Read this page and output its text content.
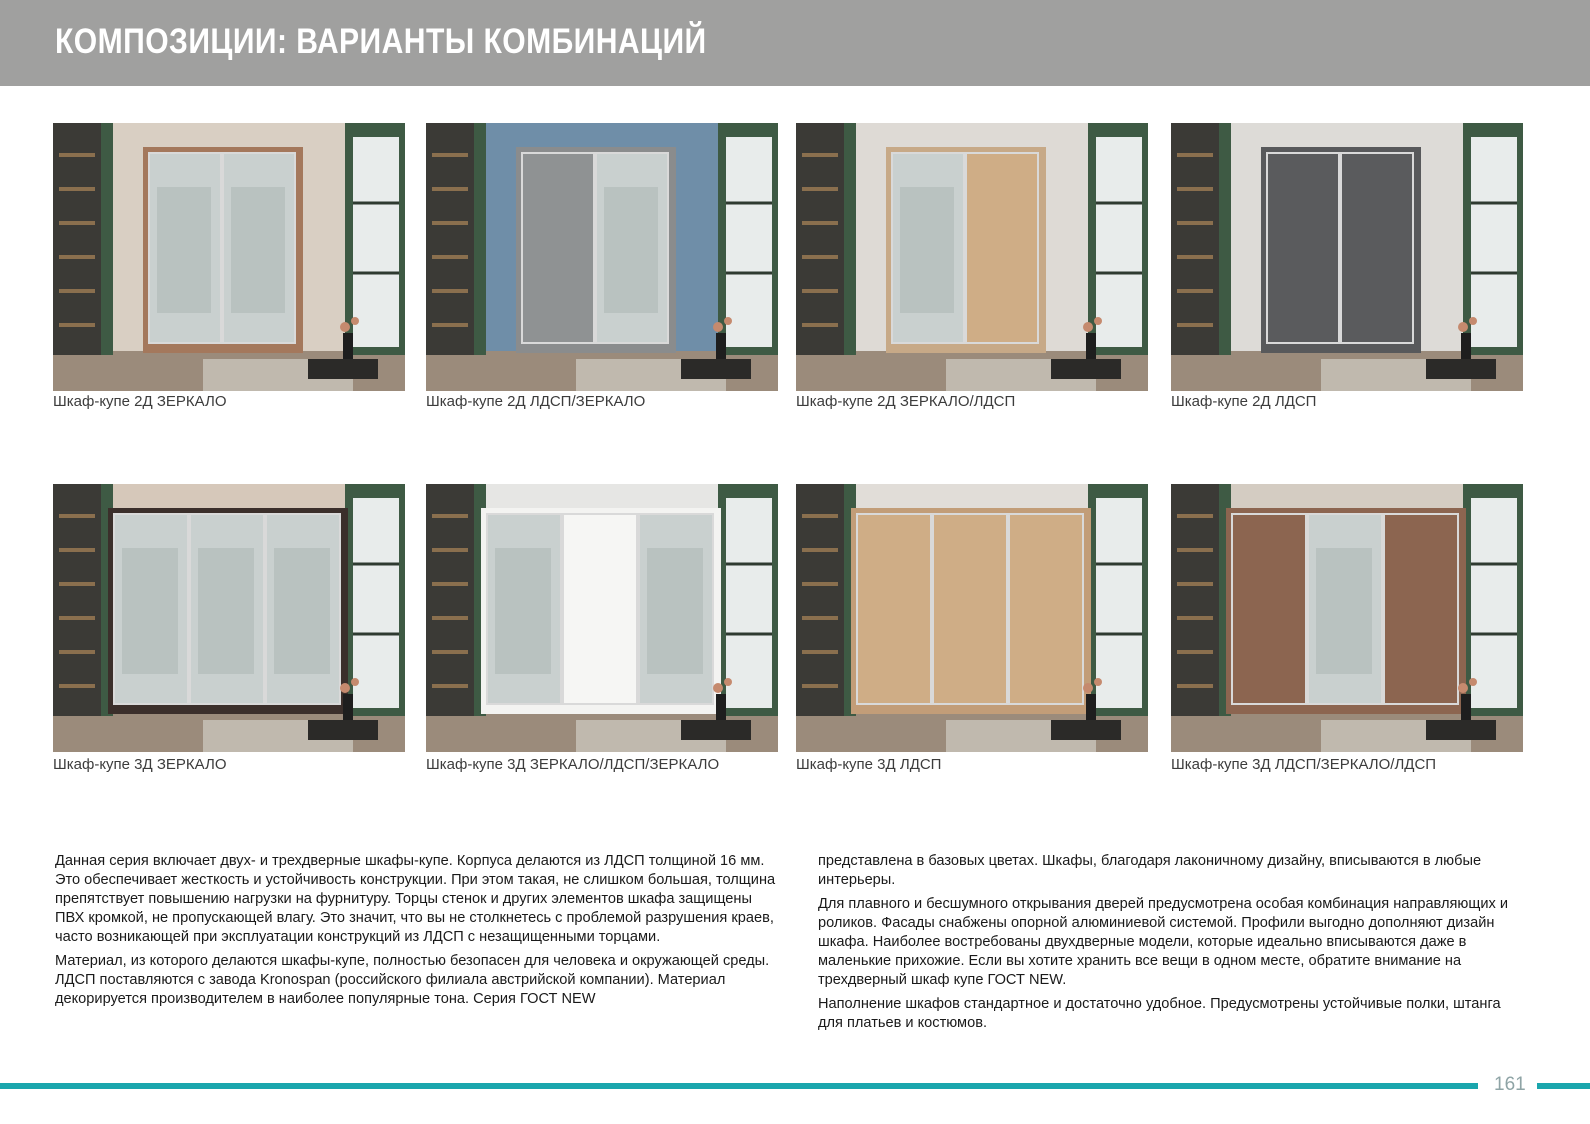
КОМПОЗИЦИИ: ВАРИАНТЫ КОМБИНАЦИЙ
Шкаф-купе 2Д ЗЕРКАЛО	Шкаф-купе 2Д ЛДСП/ЗЕРКАЛО	Шкаф-купе 2Д ЗЕРКАЛО/ЛДСП	Шкаф-купе 2Д ЛДСП
Шкаф-купе 3Д ЗЕРКАЛО	Шкаф-купе 3Д ЗЕРКАЛО/ЛДСП/ЗЕРКАЛО	Шкаф-купе 3Д ЛДСП	Шкаф-купе 3Д ЛДСП/ЗЕРКАЛО/ЛДСП

Данная серия включает двух- и трехдверные шкафы-купе. Корпуса делаются из ЛДСП толщиной 16 мм. Это обеспечивает жесткость и устойчивость конструкции. При этом такая, не слишком большая, толщина препятствует повышению нагрузки на фурнитуру. Торцы стенок и других элементов шкафа защищены ПВХ кромкой, не пропускающей влагу. Это значит, что вы не столкнетесь с проблемой разрушения краев, часто возникающей при эксплуатации конструкций из ЛДСП с незащищенными торцами.

Материал, из которого делаются шкафы-купе, полностью безопасен для человека и окружающей среды. ЛДСП поставляются с завода Kronospan (российского филиала австрийской компании). Материал декорируется производителем в наиболее популярные тона. Серия ГОСТ NEW

представлена в базовых цветах. Шкафы, благодаря лаконичному дизайну, вписываются в любые интерьеры.

Для плавного и бесшумного открывания дверей предусмотрена особая комбинация направляющих и роликов. Фасады снабжены опорной алюминиевой системой. Профили выгодно дополняют дизайн шкафа. Наиболее востребованы двухдверные модели, которые идеально вписываются даже в маленькие прихожие. Если вы хотите хранить все вещи в одном месте, обратите внимание на трехдверный шкаф купе ГОСТ NEW.

Наполнение шкафов стандартное и достаточно удобное. Предусмотрены устойчивые полки, штанга для платьев и костюмов.

161
